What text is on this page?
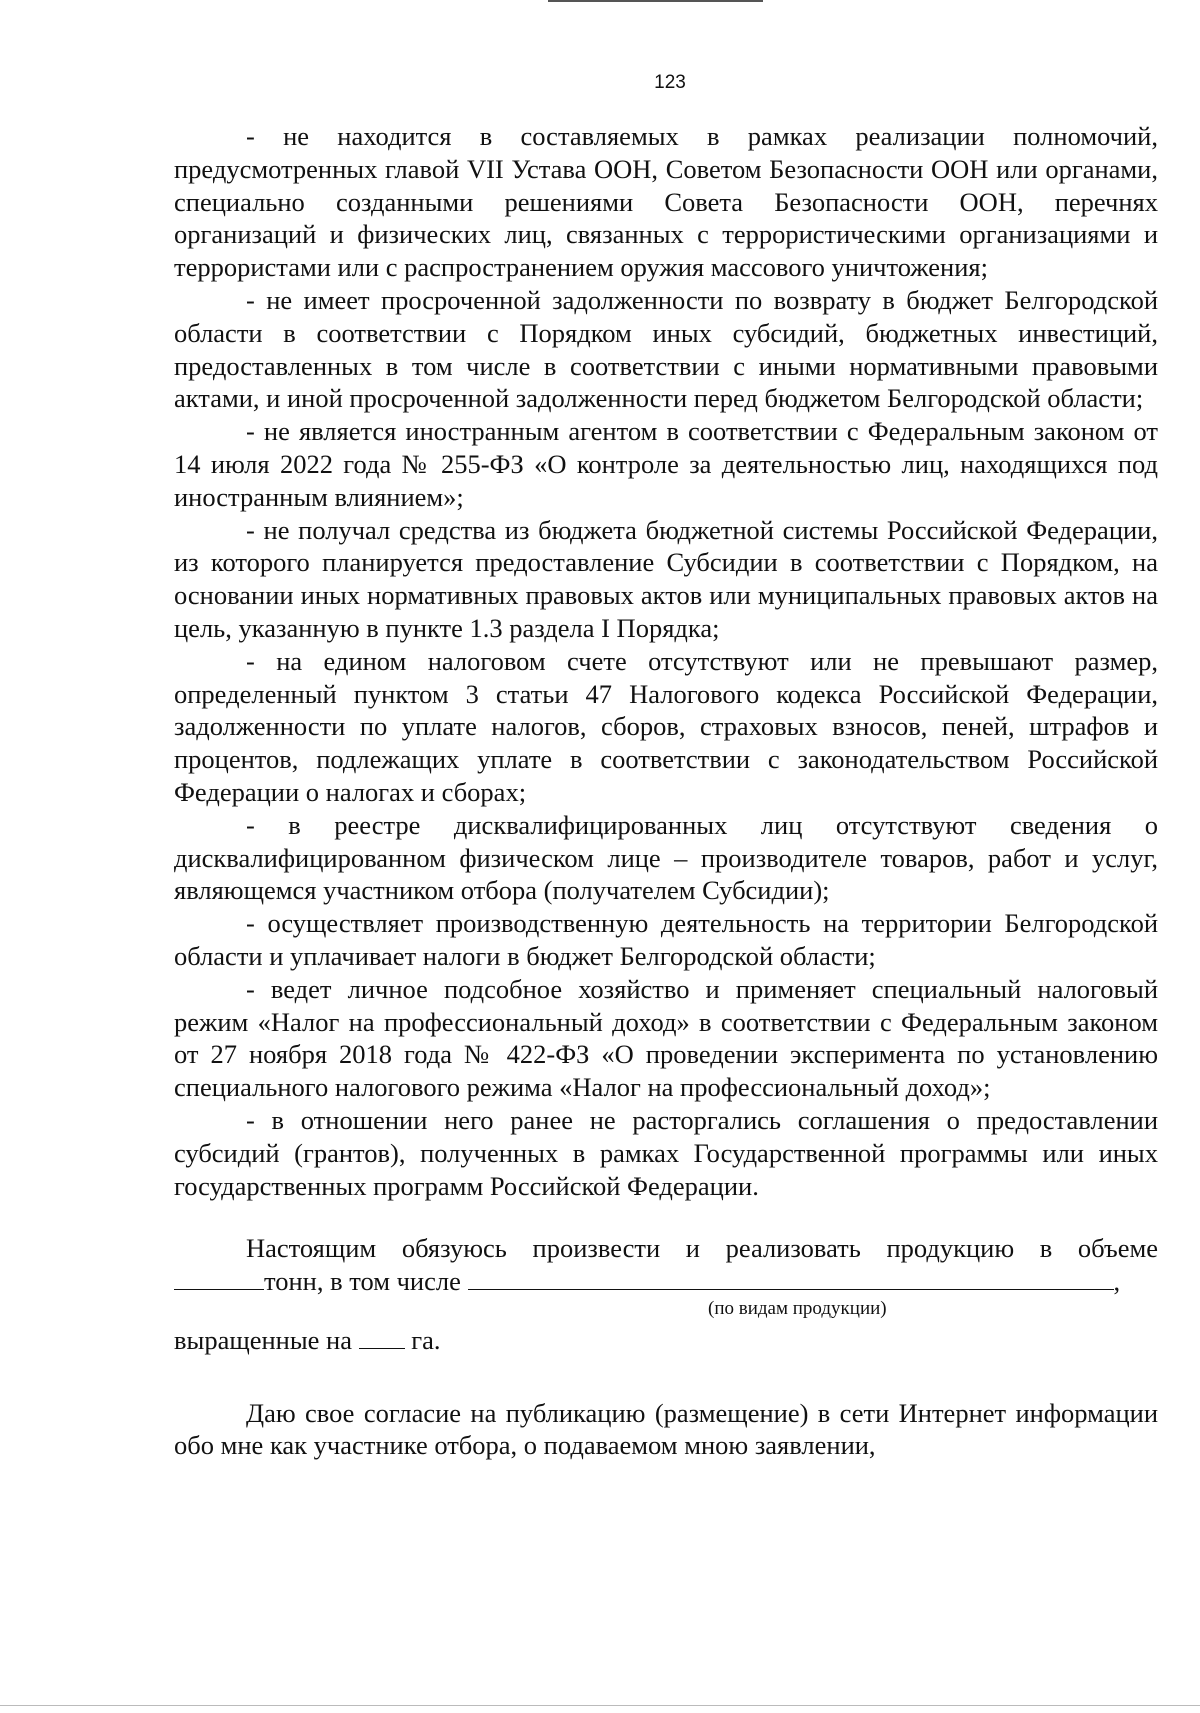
123

- не находится в составляемых в рамках реализации полномочий, предусмотренных главой VII Устава ООН, Советом Безопасности ООН или органами, специально созданными решениями Совета Безопасности ООН, перечнях организаций и физических лиц, связанных с террористическими организациями и террористами или с распространением оружия массового уничтожения;

- не имеет просроченной задолженности по возврату в бюджет Белгородской области в соответствии с Порядком иных субсидий, бюджетных инвестиций, предоставленных в том числе в соответствии с иными нормативными правовыми актами, и иной просроченной задолженности перед бюджетом Белгородской области;

- не является иностранным агентом в соответствии с Федеральным законом от 14 июля 2022 года № 255-ФЗ «О контроле за деятельностью лиц, находящихся под иностранным влиянием»;

- не получал средства из бюджета бюджетной системы Российской Федерации, из которого планируется предоставление Субсидии в соответствии с Порядком, на основании иных нормативных правовых актов или муниципальных правовых актов на цель, указанную в пункте 1.3 раздела I Порядка;

- на едином налоговом счете отсутствуют или не превышают размер, определенный пунктом 3 статьи 47 Налогового кодекса Российской Федерации, задолженности по уплате налогов, сборов, страховых взносов, пеней, штрафов и процентов, подлежащих уплате в соответствии с законодательством Российской Федерации о налогах и сборах;

- в реестре дисквалифицированных лиц отсутствуют сведения о дисквалифицированном физическом лице – производителе товаров, работ и услуг, являющемся участником отбора (получателем Субсидии);

- осуществляет производственную деятельность на территории Белгородской области и уплачивает налоги в бюджет Белгородской области;

- ведет личное подсобное хозяйство и применяет специальный налоговый режим «Налог на профессиональный доход» в соответствии с Федеральным законом от 27 ноября 2018 года № 422-ФЗ «О проведении эксперимента по установлению специального налогового режима «Налог на профессиональный доход»;

- в отношении него ранее не расторгались соглашения о предоставлении субсидий (грантов), полученных в рамках Государственной программы или иных государственных программ Российской Федерации.

Настоящим обязуюсь произвести и реализовать продукцию в объеме

тонн, в том числе	,
(по видам продукции)
выращенные на га.

Даю свое согласие на публикацию (размещение) в сети Интернет информации обо мне как участнике отбора, о подаваемом мною заявлении,
